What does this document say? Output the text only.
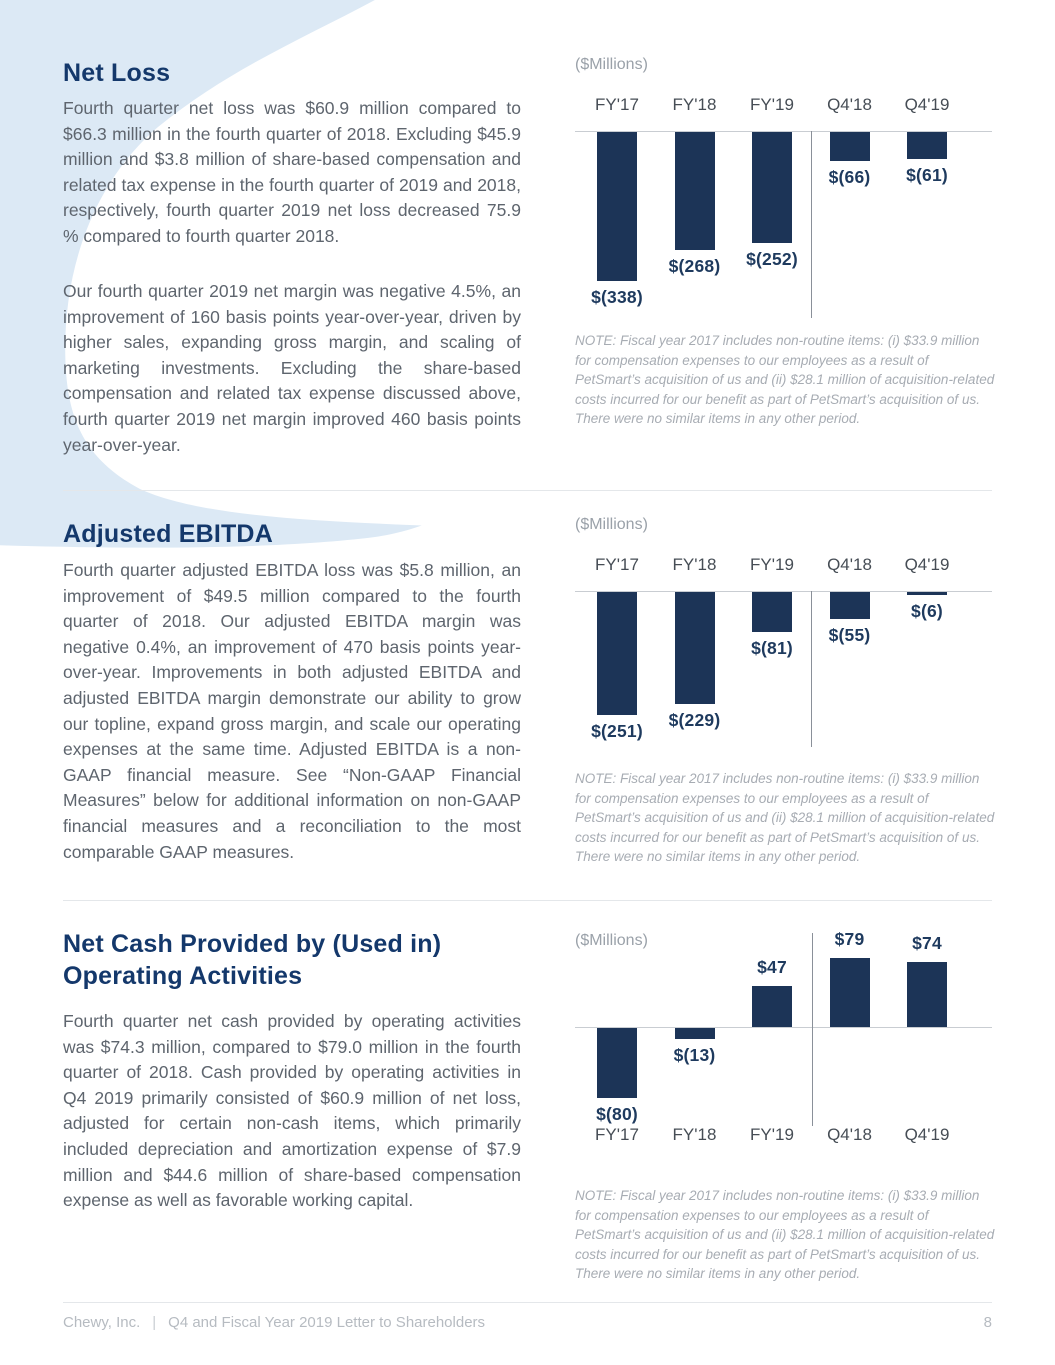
Net Loss

Fourth quarter net loss was $60.9 million compared to $66.3 million in the fourth quarter of 2018. Excluding $45.9 million and $3.8 million of share-based compensation and related tax expense in the fourth quarter of 2019 and 2018, respectively, fourth quarter 2019 net loss decreased 75.9 % compared to fourth quarter 2018.

Our fourth quarter 2019 net margin was negative 4.5%, an improvement of 160 basis points year-over-year, driven by higher sales, expanding gross margin, and scaling of marketing investments. Excluding the share-based compensation and related tax expense discussed above, fourth quarter 2019 net margin improved 460 basis points year-over-year.

($Millions)
$(338)
FY'17
$(268)
FY'18
$(252)
FY'19
$(66)
Q4'18
$(61)
Q4'19

NOTE: Fiscal year 2017 includes non-routine items: (i) $33.9 million for compensation expenses to our employees as a result of PetSmart’s acquisition of us and (ii) $28.1 million of acquisition-related costs incurred for our benefit as part of PetSmart’s acquisition of us. There were no similar items in any other period.

Adjusted EBITDA

Fourth quarter adjusted EBITDA loss was $5.8 million, an improvement of $49.5 million compared to the fourth quarter of 2018. Our adjusted EBITDA margin was negative 0.4%, an improvement of 470 basis points year-over-year. Improvements in both adjusted EBITDA and adjusted EBITDA margin demonstrate our ability to grow our topline, expand gross margin, and scale our operating expenses at the same time. Adjusted EBITDA is a non-GAAP financial measure. See “Non-GAAP Financial Measures” below for additional information on non-GAAP financial measures and a reconciliation to the most comparable GAAP measures.

($Millions)
$(251)
FY'17
$(229)
FY'18
$(81)
FY'19
$(55)
Q4'18
$(6)
Q4'19

NOTE: Fiscal year 2017 includes non-routine items: (i) $33.9 million for compensation expenses to our employees as a result of PetSmart’s acquisition of us and (ii) $28.1 million of acquisition-related costs incurred for our benefit as part of PetSmart’s acquisition of us. There were no similar items in any other period.

Net Cash Provided by (Used in) Operating Activities

Fourth quarter net cash provided by operating activities was $74.3 million, compared to $79.0 million in the fourth quarter of 2018. Cash provided by operating activities in Q4 2019 primarily consisted of $60.9 million of net loss, adjusted for certain non-cash items, which primarily included depreciation and amortization expense of $7.9 million and $44.6 million of share-based compensation expense as well as favorable working capital.

($Millions)
$(80)
FY'17
$(13)
FY'18
$47
FY'19
$79
Q4'18
$74
Q4'19

NOTE: Fiscal year 2017 includes non-routine items: (i) $33.9 million for compensation expenses to our employees as a result of PetSmart’s acquisition of us and (ii) $28.1 million of acquisition-related costs incurred for our benefit as part of PetSmart’s acquisition of us. There were no similar items in any other period.

Chewy, Inc. | Q4 and Fiscal Year 2019 Letter to Shareholders	8
